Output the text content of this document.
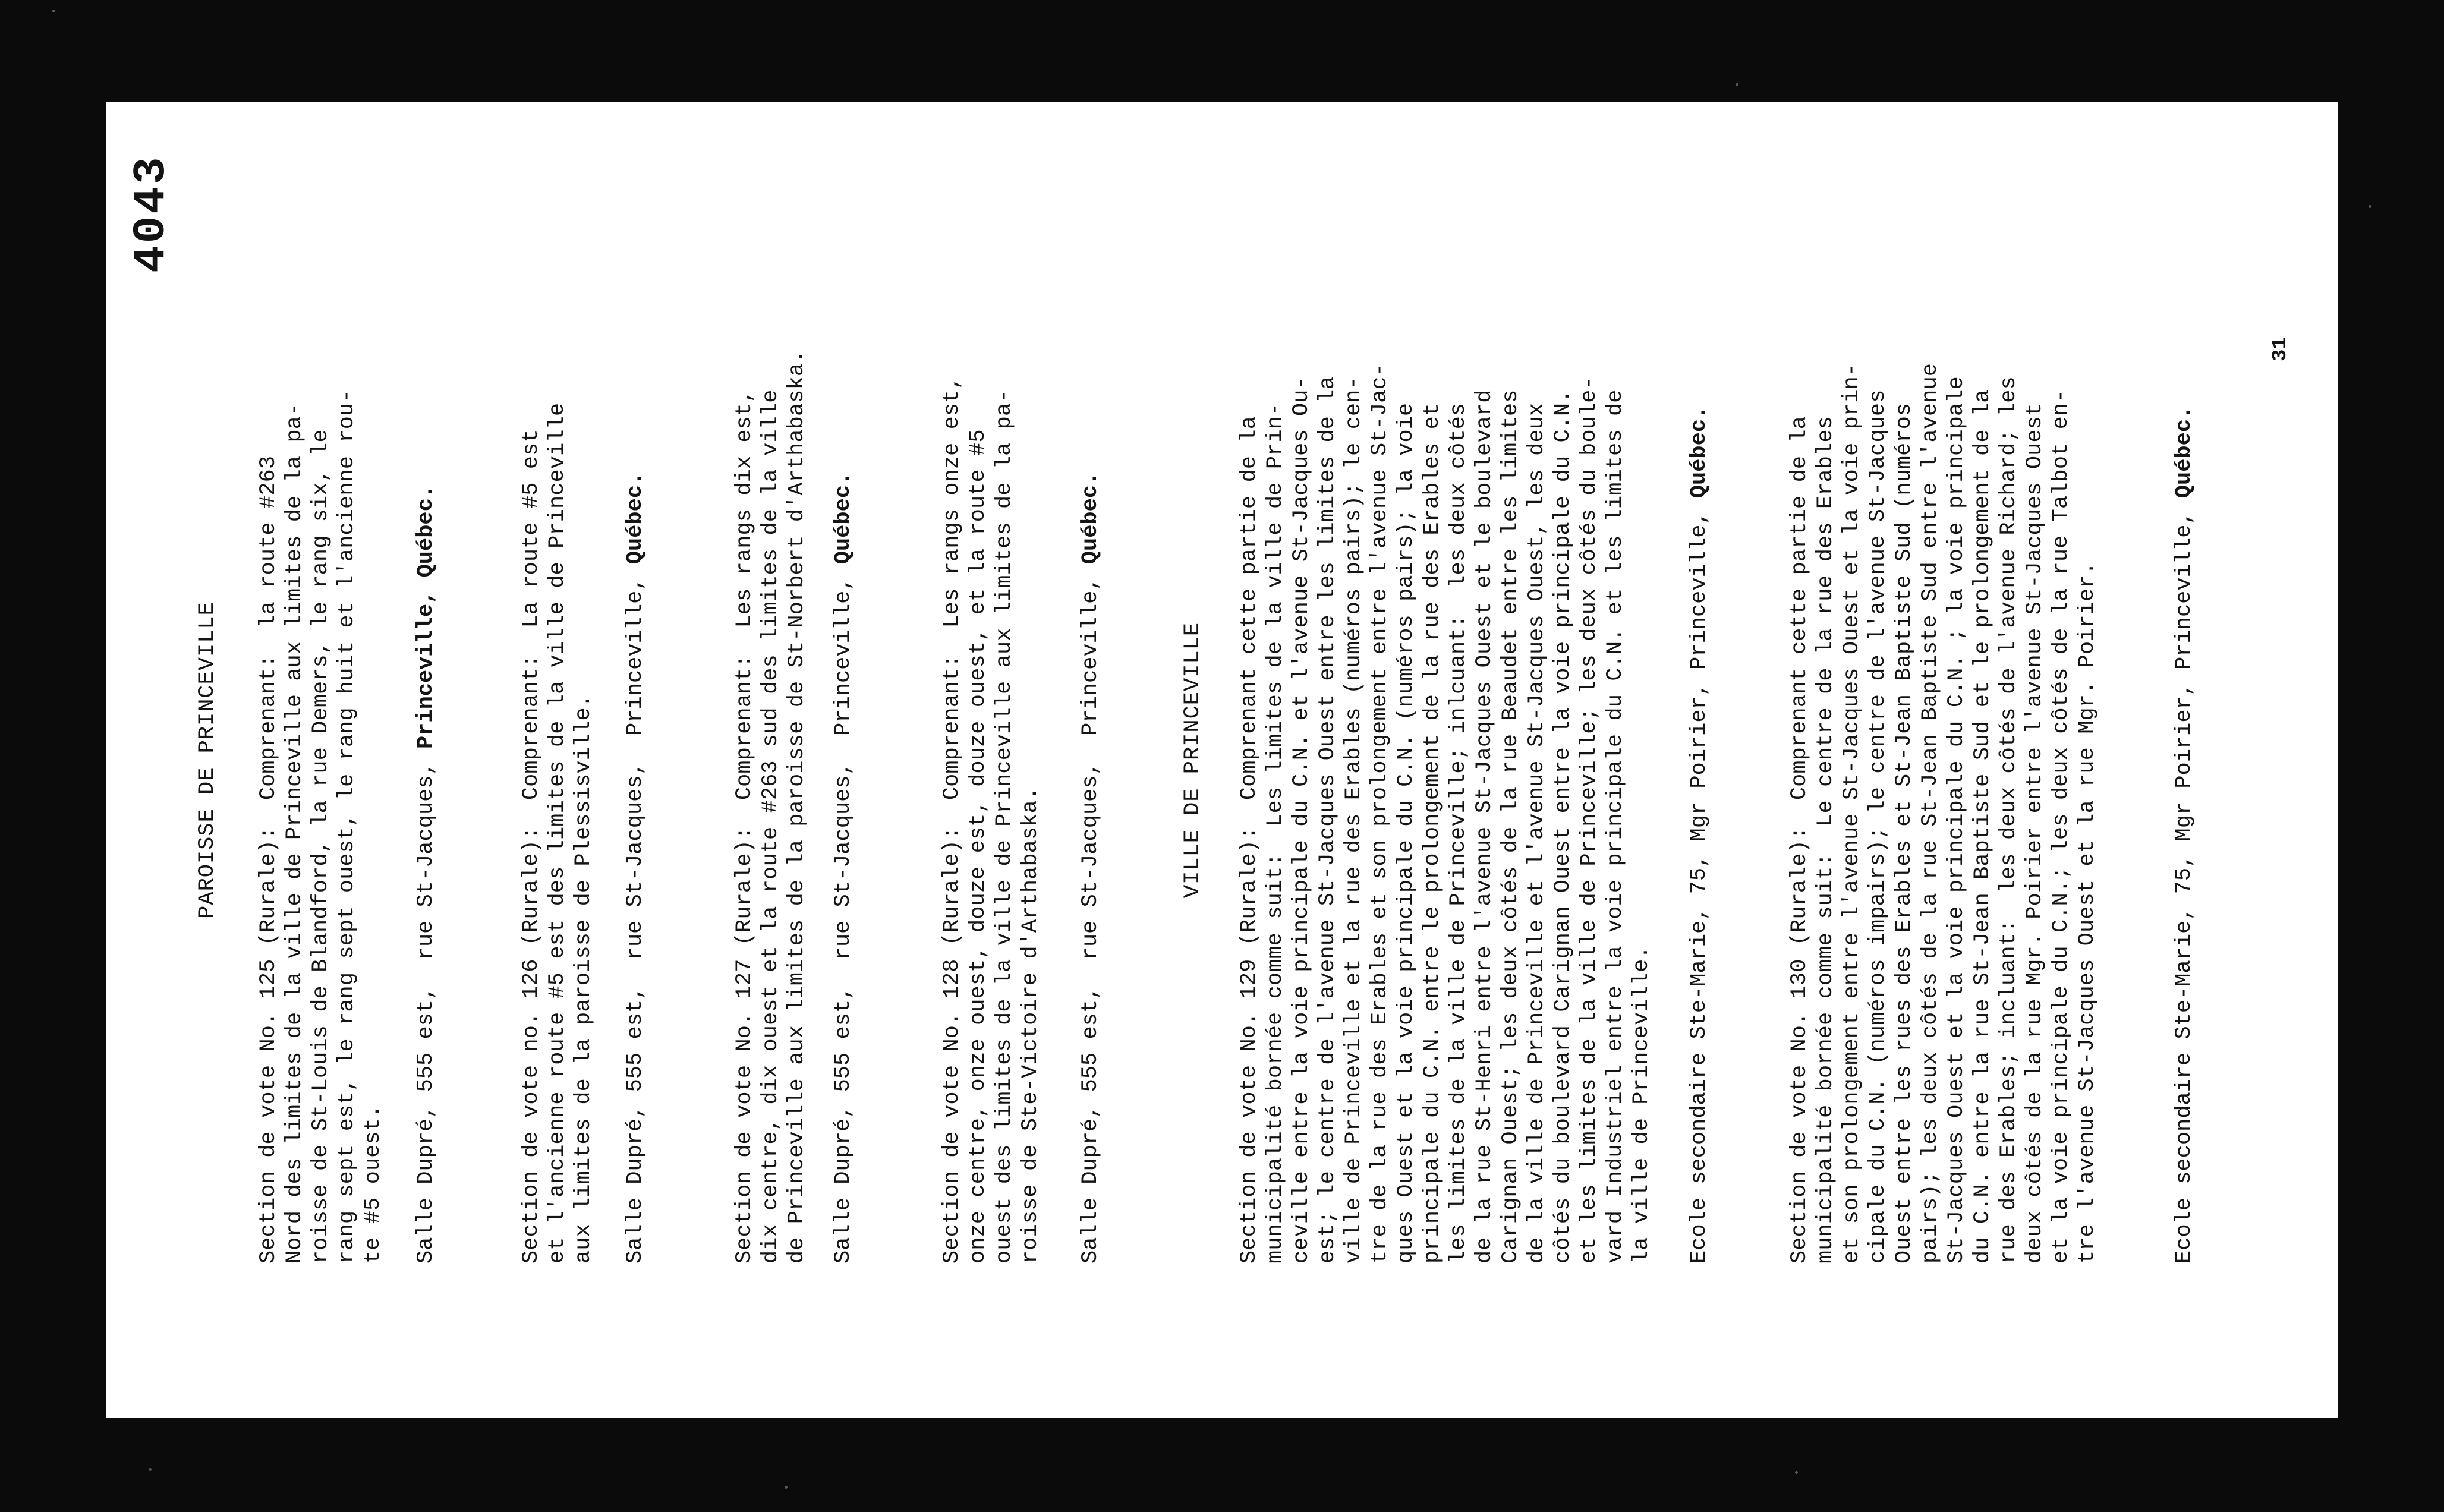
4043
PAROISSE DE PRINCEVILLE
Section de vote No. 125 (Rurale):  Comprenant:  la route #263
Nord des limites de la ville de Princeville aux limites de la pa-
roisse de St-Louis de Blandford, la rue Demers, le rang six, le
rang sept est, le rang sept ouest, le rang huit et l'ancienne rou-
te #5 ouest. Salle Dupré, 555 est,  rue St-Jacques, Princeville, Québec.
Section de vote no. 126 (Rurale):  Comprenant:  La route #5 est
et l'ancienne route #5 est des limites de la ville de Princeville
aux limites de la paroisse de Plessisville. Salle Dupré, 555 est,  rue St-Jacques,  Princeville, Québec.
Section de vote No. 127 (Rurale):  Comprenant:  Les rangs dix est,
dix centre, dix ouest et la route #263 sud des limites de la ville
de Princeville aux limites de la paroisse de St-Norbert d'Arthabaska.
Salle Dupré, 555 est,  rue St-Jacques,  Princeville, Québec.
Section de vote No. 128 (Rurale):  Comprenant:  Les rangs onze est,
onze centre, onze ouest, douze est, douze ouest, et la route #5
ouest des limites de la ville de Princeville aux limites de la pa-
roisse de Ste-Victoire d'Arthabaska. Salle Dupré, 555 est,  rue St-Jacques,  Princeville, Québec.
VILLE DE PRINCEVILLE
Section de vote No. 129 (Rurale):  Comprenant cette partie de la
municipalité bornée comme suit:  Les limites de la ville de Prin-
ceville entre la voie principale du C.N. et l'avenue St-Jacques Ou-
est; le centre de l'avenue St-Jacques Ouest entre les limites de la
ville de Princeville et la rue des Erables (numéros pairs); le cen-
tre de la rue des Erables et son prolongement entre l'avenue St-Jac-
ques Ouest et la voie principale du C.N. (numéros pairs); la voie
principale du C.N. entre le prolongement de la rue des Erables et
les limites de la ville de Princeville; inlcuant:  les deux côtés
de la rue St-Henri entre l'avenue St-Jacques Ouest et le boulevard
Carignan Ouest; les deux côtés de la rue Beaudet entre les limites
de la ville de Princeville et l'avenue St-Jacques Ouest, les deux
côtés du boulevard Carignan Ouest entre la voie principale du C.N.
et les limites de la ville de Princeville; les deux côtés du boule-
vard Industriel entre la voie principale du C.N. et les limites de
la ville de Princeville. Ecole secondaire Ste-Marie, 75, Mgr Poirier, Princeville, Québec.
Section de vote No. 130 (Rurale):  Comprenant cette partie de la
municipalité bornée comme suit:  Le centre de la rue des Erables
et son prolongement entre l'avenue St-Jacques Ouest et la voie prin-
cipale du C.N. (numéros impairs); le centre de l'avenue St-Jacques
Ouest entre les rues des Erables et St-Jean Baptiste Sud (numéros
pairs); les deux côtés de la rue St-Jean Baptiste Sud entre l'avenue
St-Jacques Ouest et la voie principale du C.N. ; la voie principale
du C.N. entre la rue St-Jean Baptiste Sud et le prolongement de la
rue des Erables; incluant:  les deux côtés de l'avenue Richard; les
deux côtés de la rue Mgr. Poirier entre l'avenue St-Jacques Ouest
et la voie principale du C.N.; les deux côtés de la rue Talbot en-
tre l'avenue St-Jacques Ouest et la rue Mgr. Poirier.	Ecole secondaire Ste-Marie, 75, Mgr Poirier, Princeville, Québec.
31
